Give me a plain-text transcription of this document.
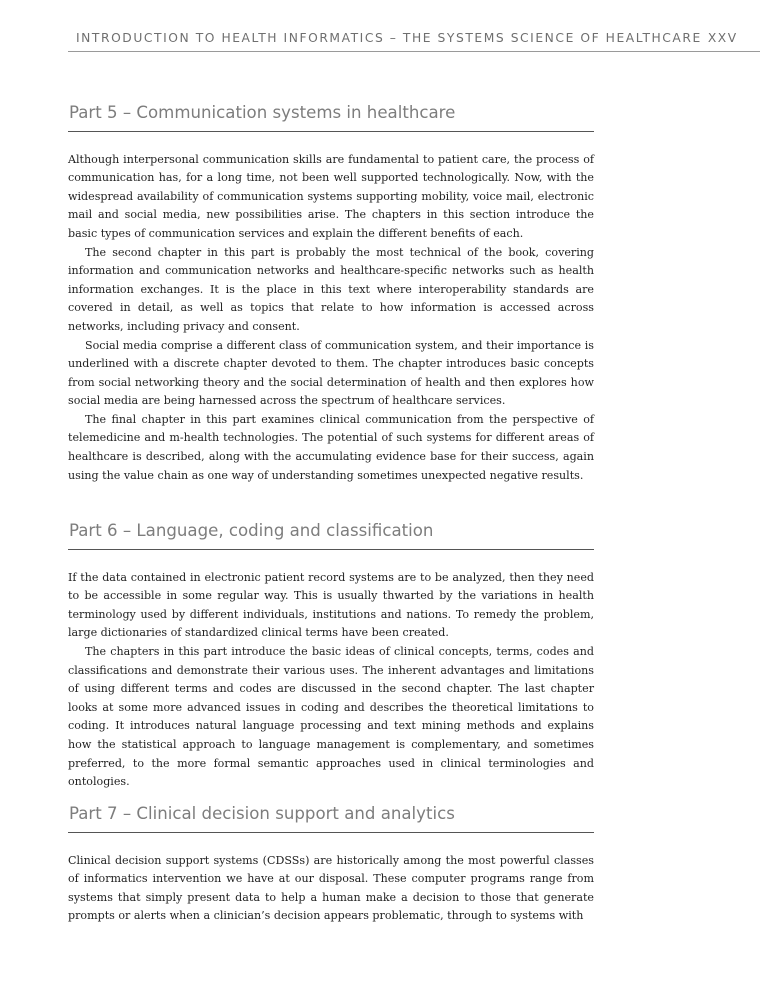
INTRODUCTION TO HEALTH INFORMATICS – THE SYSTEMS SCIENCE OF HEALTHCARE XXV
Part 5 – Communication systems in healthcare

Although interpersonal communication skills are fundamental to patient care, the process of communication has, for a long time, not been well supported technologically. Now, with the widespread availability of communication systems supporting mobility, voice mail, electronic mail and social media, new possibilities arise. The chapters in this section introduce the basic types of communication services and explain the different benefits of each.

The second chapter in this part is probably the most technical of the book, covering information and communication networks and healthcare-specific networks such as health information exchanges. It is the place in this text where interoperability standards are covered in detail, as well as topics that relate to how information is accessed across networks, including privacy and consent.

Social media comprise a different class of communication system, and their importance is underlined with a discrete chapter devoted to them. The chapter introduces basic concepts from social networking theory and the social determination of health and then explores how social media are being harnessed across the spectrum of healthcare services.

The final chapter in this part examines clinical communication from the perspective of telemedicine and m-health technologies. The potential of such systems for different areas of healthcare is described, along with the accumulating evidence base for their success, again using the value chain as one way of understanding sometimes unexpected negative results.

Part 6 – Language, coding and classification

If the data contained in electronic patient record systems are to be analyzed, then they need to be accessible in some regular way. This is usually thwarted by the variations in health terminology used by different individuals, institutions and nations. To remedy the problem, large dictionaries of standardized clinical terms have been created.

The chapters in this part introduce the basic ideas of clinical concepts, terms, codes and classifications and demonstrate their various uses. The inherent advantages and limitations of using different terms and codes are discussed in the second chapter. The last chapter looks at some more advanced issues in coding and describes the theoretical limitations to coding. It introduces natural language processing and text mining methods and explains how the statistical approach to language management is complementary, and sometimes preferred, to the more formal semantic approaches used in clinical terminologies and ontologies.

Part 7 – Clinical decision support and analytics

Clinical decision support systems (CDSSs) are historically among the most powerful classes of informatics intervention we have at our disposal. These computer programs range from systems that simply present data to help a human make a decision to those that generate prompts or alerts when a clinician’s decision appears problematic, through to systems with
